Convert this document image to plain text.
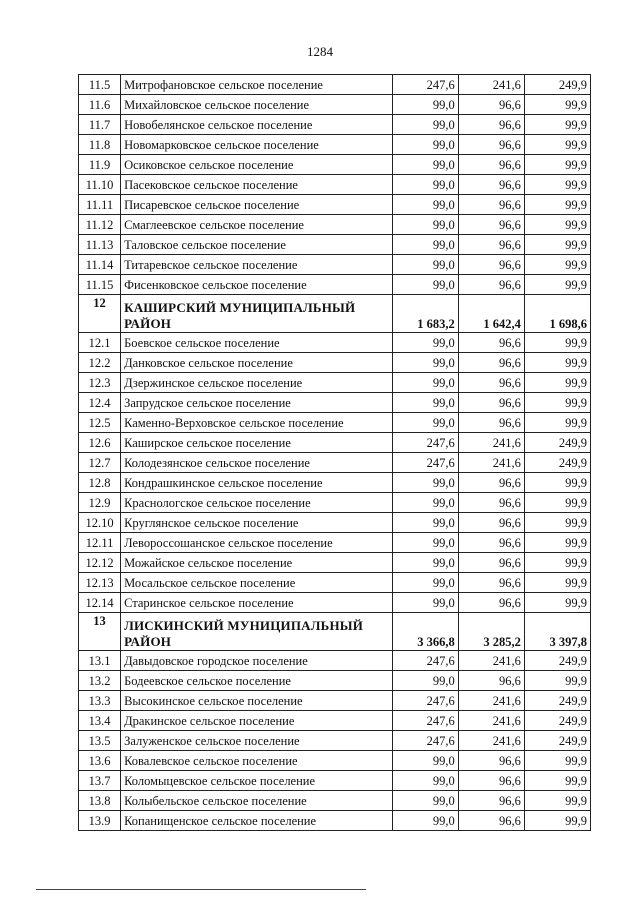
1284
11.5	Митрофановское сельское поселение	247,6	241,6	249,9
11.6	Михайловское сельское поселение	99,0	96,6	99,9
11.7	Новобелянское сельское поселение	99,0	96,6	99,9
11.8	Новомарковское сельское поселение	99,0	96,6	99,9
11.9	Осиковское сельское поселение	99,0	96,6	99,9
11.10	Пасековское сельское поселение	99,0	96,6	99,9
11.11	Писаревское сельское поселение	99,0	96,6	99,9
11.12	Смаглеевское сельское поселение	99,0	96,6	99,9
11.13	Таловское сельское поселение	99,0	96,6	99,9
11.14	Титаревское сельское поселение	99,0	96,6	99,9
11.15	Фисенковское сельское поселение	99,0	96,6	99,9
12	КАШИРСКИЙ МУНИЦИПАЛЬНЫЙ РАЙОН	1 683,2	1 642,4	1 698,6
12.1	Боевское сельское поселение	99,0	96,6	99,9
12.2	Данковское сельское поселение	99,0	96,6	99,9
12.3	Дзержинское сельское поселение	99,0	96,6	99,9
12.4	Запрудское сельское поселение	99,0	96,6	99,9
12.5	Каменно-Верховское сельское поселение	99,0	96,6	99,9
12.6	Каширское сельское поселение	247,6	241,6	249,9
12.7	Колодезянское сельское поселение	247,6	241,6	249,9
12.8	Кондрашкинское сельское поселение	99,0	96,6	99,9
12.9	Краснологское сельское поселение	99,0	96,6	99,9
12.10	Круглянское сельское поселение	99,0	96,6	99,9
12.11	Левороссошанское сельское поселение	99,0	96,6	99,9
12.12	Можайское сельское поселение	99,0	96,6	99,9
12.13	Мосальское сельское поселение	99,0	96,6	99,9
12.14	Старинское сельское поселение	99,0	96,6	99,9
13	ЛИСКИНСКИЙ МУНИЦИПАЛЬНЫЙ РАЙОН	3 366,8	3 285,2	3 397,8
13.1	Давыдовское городское поселение	247,6	241,6	249,9
13.2	Бодеевское сельское поселение	99,0	96,6	99,9
13.3	Высокинское сельское поселение	247,6	241,6	249,9
13.4	Дракинское сельское поселение	247,6	241,6	249,9
13.5	Залуженское сельское поселение	247,6	241,6	249,9
13.6	Ковалевское сельское поселение	99,0	96,6	99,9
13.7	Коломыцевское сельское поселение	99,0	96,6	99,9
13.8	Колыбельское сельское поселение	99,0	96,6	99,9
13.9	Копанищенское сельское поселение	99,0	96,6	99,9
